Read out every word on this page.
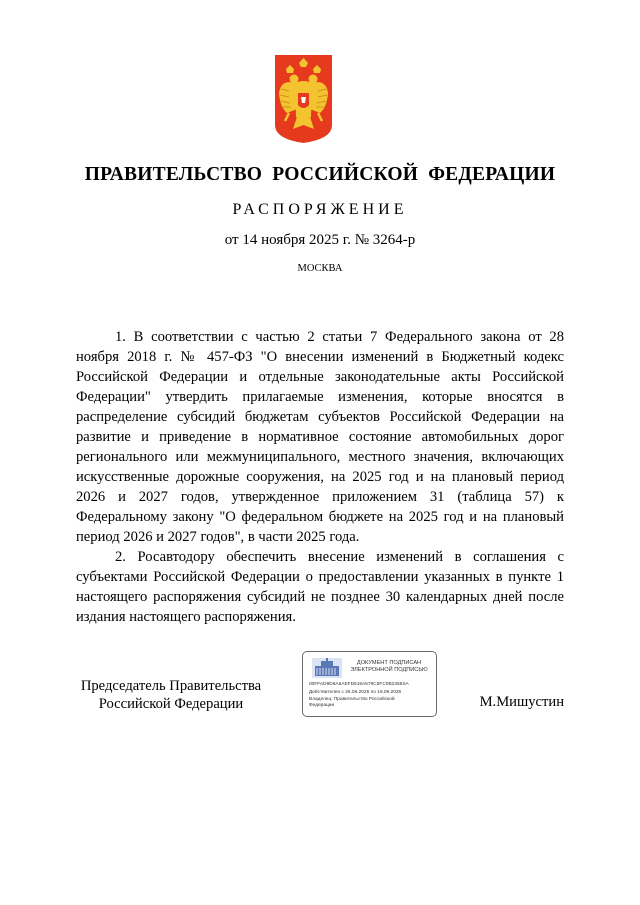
ПРАВИТЕЛЬСТВО  РОССИЙСКОЙ  ФЕДЕРАЦИИ
РАСПОРЯЖЕНИЕ
от 14 ноября 2025 г. № 3264-р
МОСКВА

1. В соответствии с частью 2 статьи 7 Федерального закона от 28 ноября 2018 г. № 457-ФЗ "О внесении изменений в Бюджетный кодекс Российской Федерации и отдельные законодательные акты Российской Федерации" утвердить прилагаемые изменения, которые вносятся в распределение субсидий бюджетам субъектов Российской Федерации на развитие и приведение в нормативное состояние автомобильных дорог регионального или межмуниципального, местного значения, включающих искусственные дорожные сооружения, на 2025 год и на плановый период 2026 и 2027 годов, утвержденное приложением 31 (таблица 57) к Федеральному закону "О федеральном бюджете на 2025 год и на плановый период 2026 и 2027 годов", в части 2025 года.

2. Росавтодору обеспечить внесение изменений в соглашения с субъектами Российской Федерации о предоставлении указанных в пункте 1 настоящего распоряжения субсидий не позднее 30 календарных дней после издания настоящего распоряжения.

Председатель Правительства
Российской Федерации
ДОКУМЕНТ ПОДПИСАН
ЭЛЕКТРОННОЙ ПОДПИСЬЮ
00FFAD9D6A5AEFD615A579C5FC0B2358SA
Действителен с 26.06.2025 по 19.09.2026
Владелец: Правительство Российской
Федерации	М.Мишустин
